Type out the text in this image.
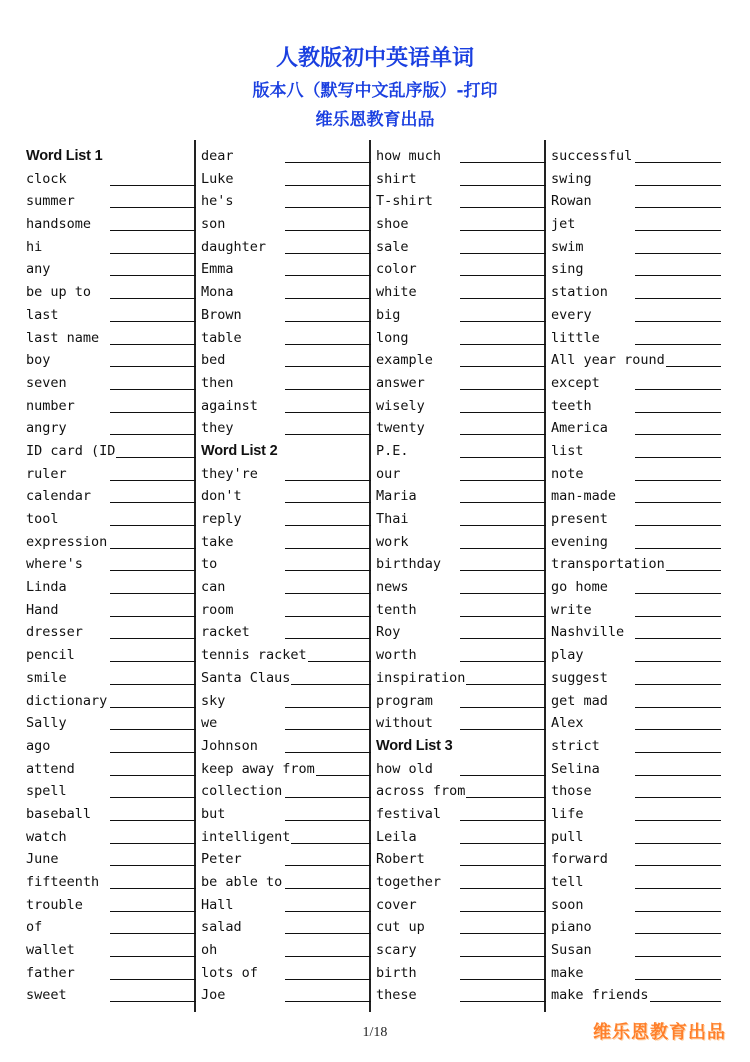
人教版初中英语单词
版本八（默写中文乱序版）-打印
维乐恩教育出品
Word List 1
clock
summer
handsome
hi
any
be up to
last
last name
boy
seven
number
angry
ID card (ID
ruler
calendar
tool
expression
where's
Linda
Hand
dresser
pencil
smile
dictionary
Sally
ago
attend
spell
baseball
watch
June
fifteenth
trouble
of
wallet
father
sweet
dear
Luke
he's
son
daughter
Emma
Mona
Brown
table
bed
then
against
they
Word List 2
they're
don't
reply
take
to
can
room
racket
tennis racket
Santa Claus
sky
we
Johnson
keep away from
collection
but
intelligent
Peter
be able to
Hall
salad
oh
lots of
Joe
how much
shirt
T-shirt
shoe
sale
color
white
big
long
example
answer
wisely
twenty
P.E.
our
Maria
Thai
work
birthday
news
tenth
Roy
worth
inspiration
program
without
Word List 3
how old
across from
festival
Leila
Robert
together
cover
cut up
scary
birth
these
successful
swing
Rowan
jet
swim
sing
station
every
little
All year round
except
teeth
America
list
note
man-made
present
evening
transportation
go home
write
Nashville
play
suggest
get mad
Alex
strict
Selina
those
life
pull
forward
tell
soon
piano
Susan
make
make friends
1/18	维乐恩教育出品
